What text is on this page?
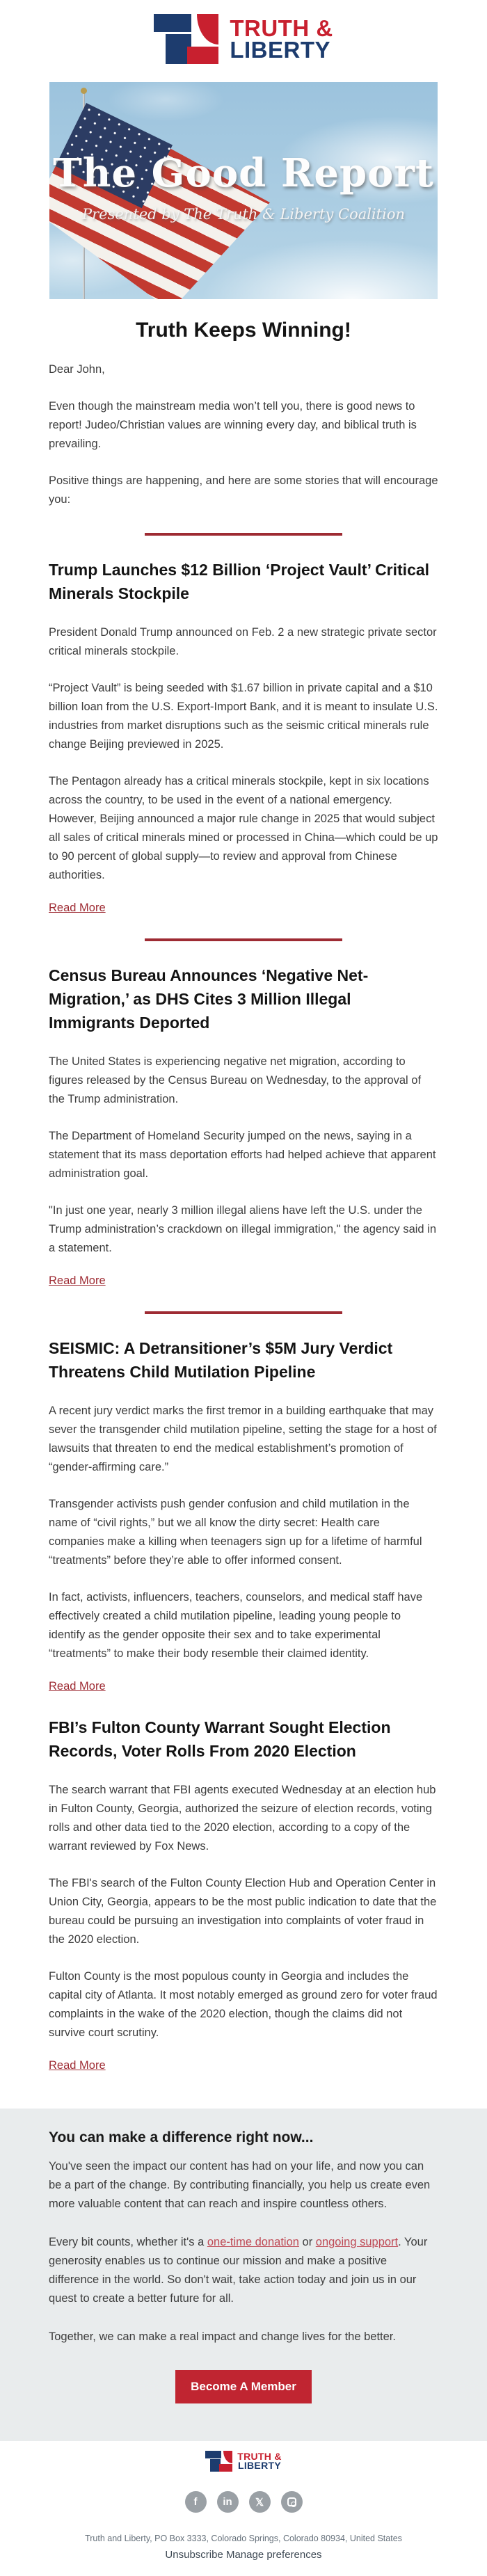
TRUTH &
LIBERTY
The Good Report
Presented by The Truth & Liberty Coalition
Truth Keeps Winning!

Dear John,

Even though the mainstream media won’t tell you, there is good news to report! Judeo/Christian values are winning every day, and biblical truth is prevailing.

Positive things are happening, and here are some stories that will encourage you:

Trump Launches $12 Billion ‘Project Vault’ Critical Minerals Stockpile

President Donald Trump announced on Feb. 2 a new strategic private sector critical minerals stockpile.

“Project Vault” is being seeded with $1.67 billion in private capital and a $10 billion loan from the U.S. Export-Import Bank, and it is meant to insulate U.S. industries from market disruptions such as the seismic critical minerals rule change Beijing previewed in 2025.

The Pentagon already has a critical minerals stockpile, kept in six locations across the country, to be used in the event of a national emergency. However, Beijing announced a major rule change in 2025 that would subject all sales of critical minerals mined or processed in China—which could be up to 90 percent of global supply—to review and approval from Chinese authorities.

Read More
Census Bureau Announces ‘Negative Net-Migration,’ as DHS Cites 3 Million Illegal Immigrants Deported

The United States is experiencing negative net migration, according to figures released by the Census Bureau on Wednesday, to the approval of the Trump administration.

The Department of Homeland Security jumped on the news, saying in a statement that its mass deportation efforts had helped achieve that apparent administration goal.

"In just one year, nearly 3 million illegal aliens have left the U.S. under the Trump administration’s crackdown on illegal immigration," the agency said in a statement.

Read More
SEISMIC: A Detransitioner’s $5M Jury Verdict Threatens Child Mutilation Pipeline

A recent jury verdict marks the first tremor in a building earthquake that may sever the transgender child mutilation pipeline, setting the stage for a host of lawsuits that threaten to end the medical establishment’s promotion of “gender-affirming care.”

Transgender activists push gender confusion and child mutilation in the name of “civil rights,” but we all know the dirty secret: Health care companies make a killing when teenagers sign up for a lifetime of harmful “treatments” before they’re able to offer informed consent.

In fact, activists, influencers, teachers, counselors, and medical staff have effectively created a child mutilation pipeline, leading young people to identify as the gender opposite their sex and to take experimental “treatments” to make their body resemble their claimed identity.

Read More
FBI’s Fulton County Warrant Sought Election Records, Voter Rolls From 2020 Election

The search warrant that FBI agents executed Wednesday at an election hub in Fulton County, Georgia, authorized the seizure of election records, voting rolls and other data tied to the 2020 election, according to a copy of the warrant reviewed by Fox News.

The FBI's search of the Fulton County Election Hub and Operation Center in Union City, Georgia, appears to be the most public indication to date that the bureau could be pursuing an investigation into complaints of voter fraud in the 2020 election.

Fulton County is the most populous county in Georgia and includes the capital city of Atlanta. It most notably emerged as ground zero for voter fraud complaints in the wake of the 2020 election, though the claims did not survive court scrutiny.

Read More
You can make a difference right now...

You've seen the impact our content has had on your life, and now you can be a part of the change. By contributing financially, you help us create even more valuable content that can reach and inspire countless others.

Every bit counts, whether it's a one-time donation or ongoing support. Your generosity enables us to continue our mission and make a positive difference in the world. So don't wait, take action today and join us in our quest to create a better future for all.

Together, we can make a real impact and change lives for the better.

Become A Member
TRUTH &
LIBERTY
f	in	𝕏
Truth and Liberty, PO Box 3333, Colorado Springs, Colorado 80934, United States
Unsubscribe Manage preferences
